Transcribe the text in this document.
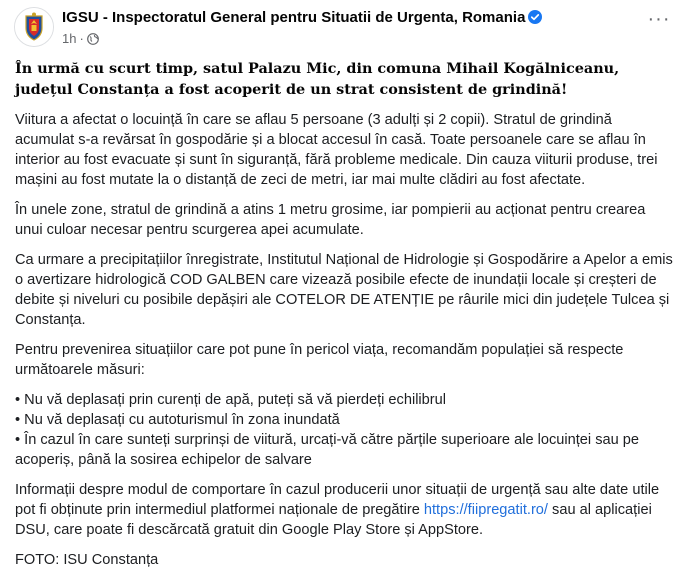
IGSU - Inspectoratul General pentru Situatii de Urgenta, Romania
1h ·
···

În urmă cu scurt timp, satul Palazu Mic, din comuna Mihail Kogălniceanu, județul Constanța a fost acoperit de un strat consistent de grindină!

Viitura a afectat o locuință în care se aflau 5 persoane (3 adulți și 2 copii). Stratul de grindină acumulat s-a revărsat în gospodărie și a blocat accesul în casă. Toate persoanele care se aflau în interior au fost evacuate și sunt în siguranță, fără probleme medicale. Din cauza viiturii produse, trei mașini au fost mutate la o distanță de zeci de metri, iar mai multe clădiri au fost afectate.

În unele zone, stratul de grindină a atins 1 metru grosime, iar pompierii au acționat pentru crearea unui culoar necesar pentru scurgerea apei acumulate.

Ca urmare a precipitațiilor înregistrate, Institutul Național de Hidrologie și Gospodărire a Apelor a emis o avertizare hidrologică COD GALBEN care vizează posibile efecte de inundații locale și creșteri de debite și niveluri cu posibile depășiri ale COTELOR DE ATENȚIE pe râurile mici din județele Tulcea și Constanța.

Pentru prevenirea situațiilor care pot pune în pericol viața, recomandăm populației să respecte următoarele măsuri:

• Nu vă deplasați prin curenți de apă, puteți să vă pierdeți echilibrul

• Nu vă deplasați cu autoturismul în zona inundată

• În cazul în care sunteți surprinși de viitură, urcați-vă către părțile superioare ale locuinței sau pe acoperiș, până la sosirea echipelor de salvare

Informații despre modul de comportare în cazul producerii unor situații de urgență sau alte date utile pot fi obținute prin intermediul platformei naționale de pregătire https://fiipregatit.ro/ sau al aplicației DSU, care poate fi descărcată gratuit din Google Play Store și AppStore.

FOTO: ISU Constanța
